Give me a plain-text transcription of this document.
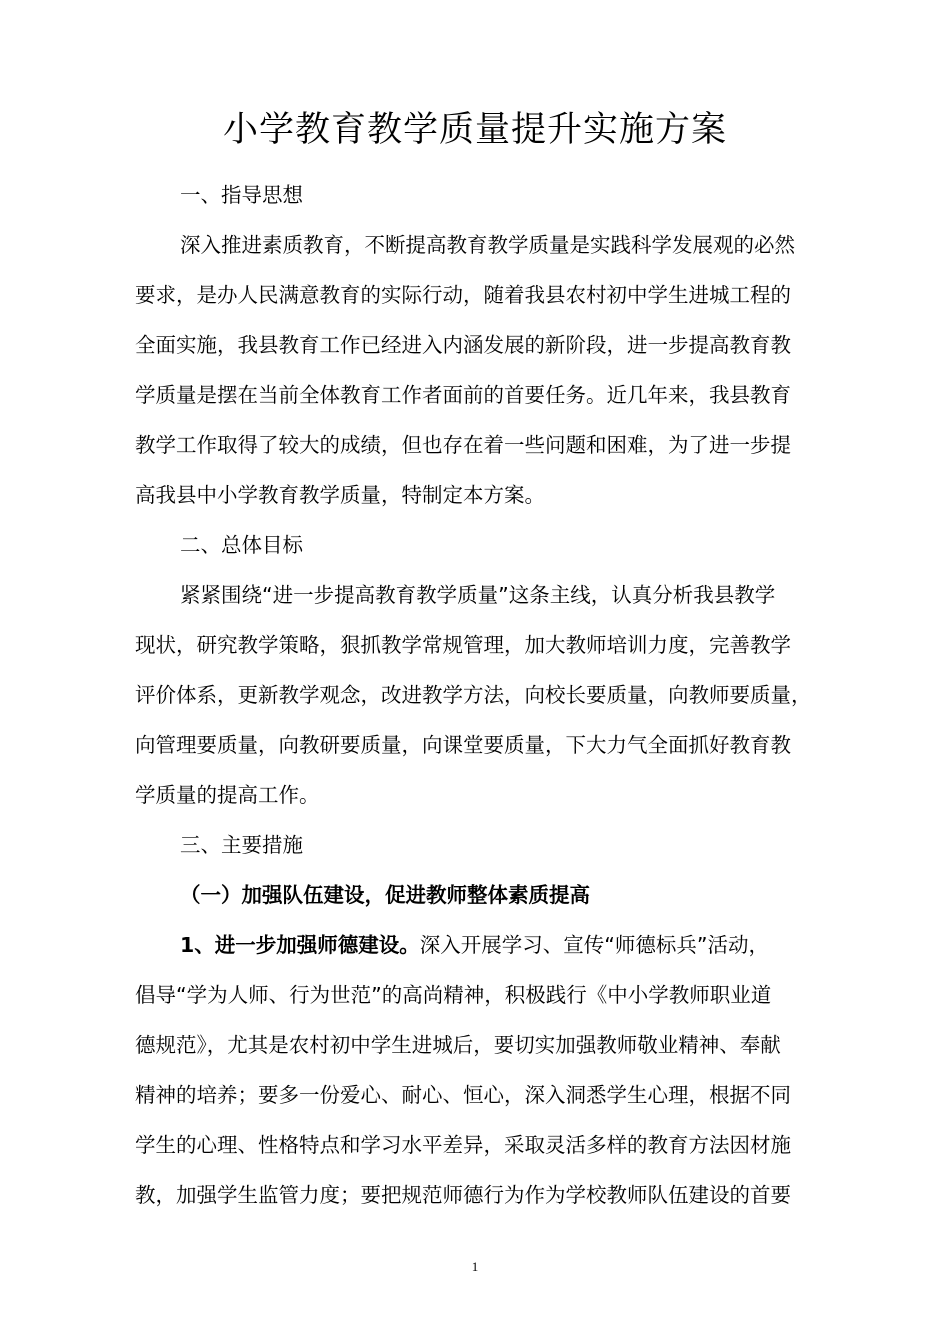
小学教育教学质量提升实施方案
一、指导思想
深入推进素质教育，不断提高教育教学质量是实践科学发展观的必然
要求，是办人民满意教育的实际行动，随着我县农村初中学生进城工程的
全面实施，我县教育工作已经进入内涵发展的新阶段，进一步提高教育教
学质量是摆在当前全体教育工作者面前的首要任务。近几年来，我县教育
教学工作取得了较大的成绩，但也存在着一些问题和困难，为了进一步提
高我县中小学教育教学质量，特制定本方案。
二、总体目标
紧紧围绕“进一步提高教育教学质量”这条主线，认真分析我县教学
现状，研究教学策略，狠抓教学常规管理，加大教师培训力度，完善教学
评价体系，更新教学观念，改进教学方法，向校长要质量，向教师要质量，
向管理要质量，向教研要质量，向课堂要质量，下大力气全面抓好教育教
学质量的提高工作。
三、主要措施
（一）加强队伍建设，促进教师整体素质提高
1、进一步加强师德建设。深入开展学习、宣传“师德标兵”活动，
倡导“学为人师、行为世范”的高尚精神，积极践行《中小学教师职业道
德规范》，尤其是农村初中学生进城后，要切实加强教师敬业精神、奉献
精神的培养；要多一份爱心、耐心、恒心，深入洞悉学生心理，根据不同
学生的心理、性格特点和学习水平差异，采取灵活多样的教育方法因材施
教，加强学生监管力度；要把规范师德行为作为学校教师队伍建设的首要
1
